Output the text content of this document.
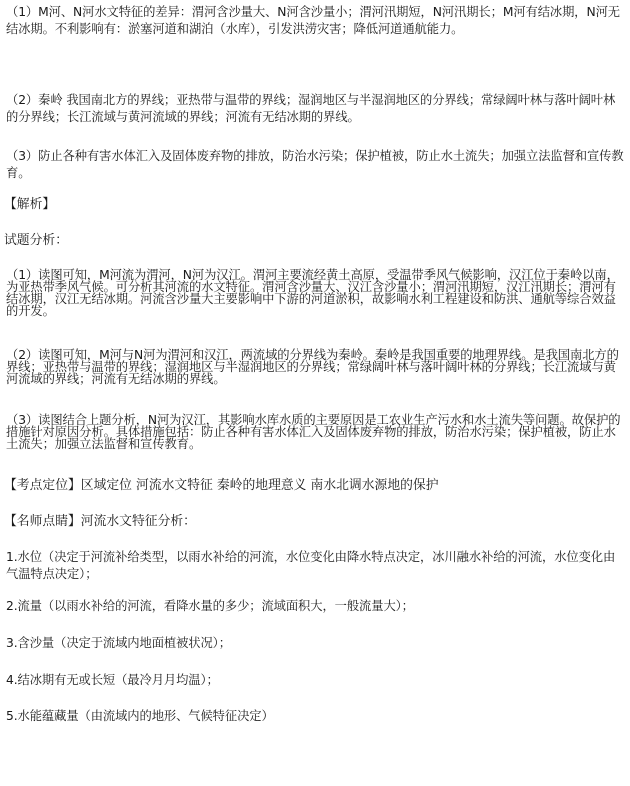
（1）M河、N河水文特征的差异：渭河含沙量大、N河含沙量小；渭河汛期短，N河汛期长；M河有结冰期，N河无结冰期。不利影响有：淤塞河道和湖泊（水库），引发洪涝灾害；降低河道通航能力。

（2）秦岭 我国南北方的界线；亚热带与温带的界线；湿润地区与半湿润地区的分界线；常绿阔叶林与落叶阔叶林的分界线；长江流域与黄河流域的界线；河流有无结冰期的界线。

（3）防止各种有害水体汇入及固体废弃物的排放，防治水污染；保护植被，防止水土流失；加强立法监督和宣传教育。

【解析】

试题分析：

（1）读图可知，M河流为渭河，N河为汉江。渭河主要流经黄土高原，受温带季风气候影响，汉江位于秦岭以南，为亚热带季风气候。可分析其河流的水文特征。渭河含沙量大、汉江含沙量小；渭河汛期短，汉江汛期长；渭河有结冰期，汉江无结冰期。河流含沙量大主要影响中下游的河道淤积，故影响水利工程建设和防洪、通航等综合效益的开发。

（2）读图可知，M河与N河为渭河和汉江，两流域的分界线为秦岭。秦岭是我国重要的地理界线。是我国南北方的界线；亚热带与温带的界线；湿润地区与半湿润地区的分界线；常绿阔叶林与落叶阔叶林的分界线；长江流域与黄河流域的界线；河流有无结冰期的界线。

（3）读图结合上题分析，N河为汉江，其影响水库水质的主要原因是工农业生产污水和水土流失等问题。故保护的措施针对原因分析。具体措施包括：防止各种有害水体汇入及固体废弃物的排放，防治水污染；保护植被，防止水土流失；加强立法监督和宣传教育。

【考点定位】区域定位 河流水文特征 秦岭的地理意义 南水北调水源地的保护

【名师点睛】河流水文特征分析：

1.水位（决定于河流补给类型，以雨水补给的河流，水位变化由降水特点决定，冰川融水补给的河流，水位变化由气温特点决定）；

2.流量（以雨水补给的河流，看降水量的多少；流域面积大，一般流量大）；

3.含沙量（决定于流域内地面植被状况）；

4.结冰期有无或长短（最冷月月均温）；

5.水能蕴藏量（由流域内的地形、气候特征决定）
